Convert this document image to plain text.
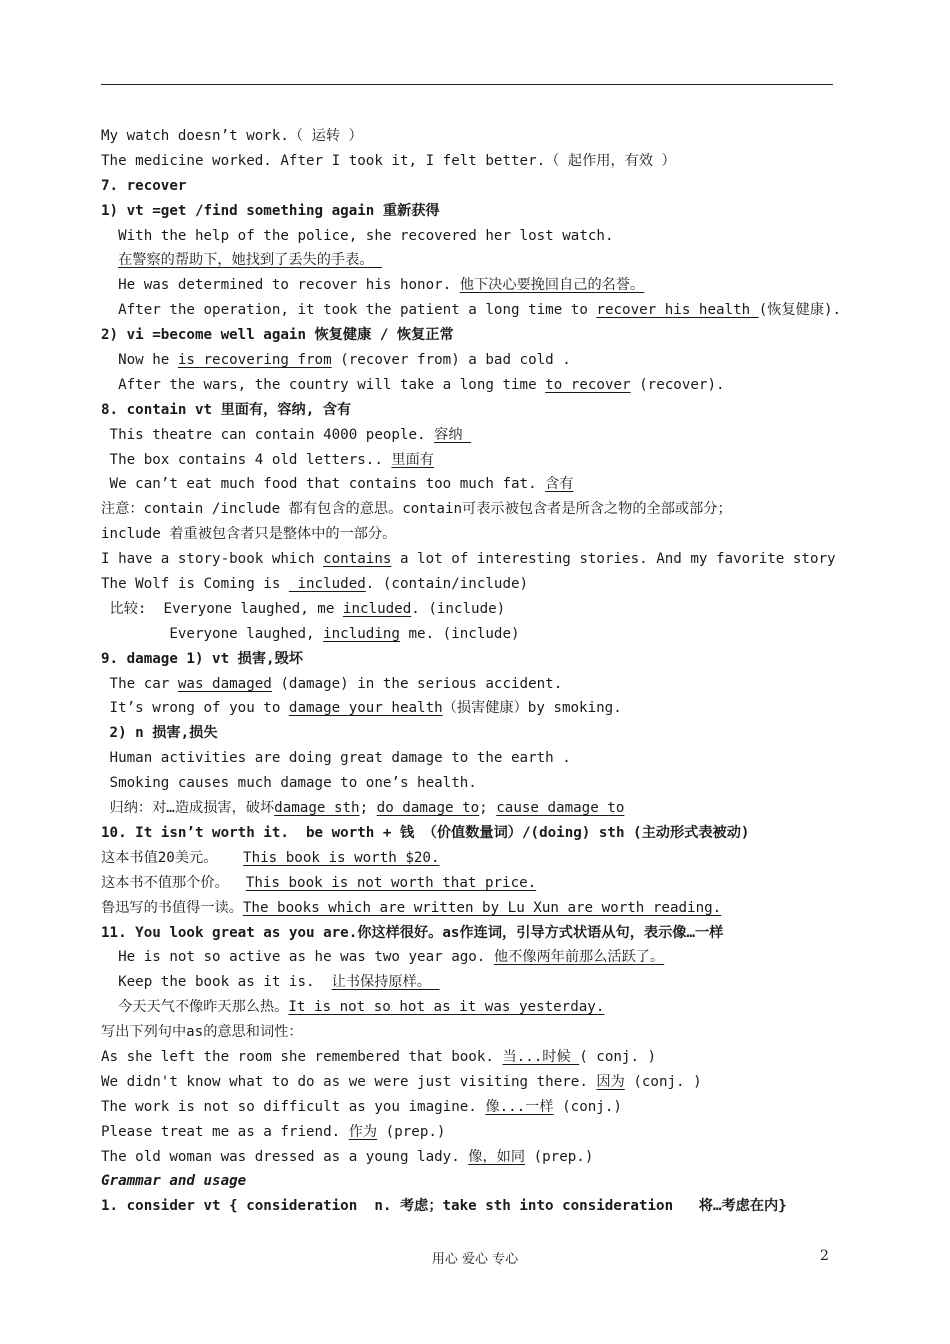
My watch doesn’t work.（ 运转 ）
The medicine worked. After I took it, I felt better.（ 起作用，有效 ）
7. recover
1) vt =get /find something again 重新获得
With the help of the police, she recovered her lost watch.
在警察的帮助下，她找到了丢失的手表。
He was determined to recover his honor. 他下决心要挽回自己的名誉。
After the operation, it took the patient a long time to recover his health (恢复健康).
2) vi =become well again 恢复健康 / 恢复正常
Now he is recovering from (recover from) a bad cold .
After the wars, the country will take a long time to recover (recover).
8. contain vt 里面有，容纳, 含有
This theatre can contain 4000 people. 容纳
The box contains 4 old letters.. 里面有
We can’t eat much food that contains too much fat. 含有
注意：contain /include 都有包含的意思。contain可表示被包含者是所含之物的全部或部分；
include 着重被包含者只是整体中的一部分。
I have a story-book which contains a lot of interesting stories. And my favorite story
The Wolf is Coming is  included. (contain/include)
比较:  Everyone laughed, me included. (include)
Everyone laughed, including me. (include)
9. damage 1) vt 损害,毁坏
The car was damaged (damage) in the serious accident.
It’s wrong of you to damage your health（损害健康）by smoking.
2) n 损害,损失
Human activities are doing great damage to the earth .
Smoking causes much damage to one’s health.
归纳：对…造成损害，破坏damage sth; do damage to; cause damage to
10. It isn’t worth it.  be worth + 钱 （价值数量词）/(doing) sth (主动形式表被动)
这本书值20美元。   This book is worth $20.
这本书不值那个价。  This book is not worth that price.
鲁迅写的书值得一读。The books which are written by Lu Xun are worth reading.
11. You look great as you are.你这样很好。as作连词，引导方式状语从句，表示像…一样
He is not so active as he was two year ago. 他不像两年前那么活跃了。
Keep the book as it is.  让书保持原样。
今天天气不像昨天那么热。It is not so hot as it was yesterday.
写出下列句中as的意思和词性：
As she left the room she remembered that book. 当...时候 ( conj. )
We didn't know what to do as we were just visiting there. 因为 (conj. )
The work is not so difficult as you imagine. 像...一样 (conj.)
Please treat me as a friend. 作为 (prep.)
The old woman was dressed as a young lady. 像，如同 (prep.)
Grammar and usage
1. consider vt { consideration  n. 考虑；take sth into consideration   将…考虑在内}
用心 爱心 专心	2
